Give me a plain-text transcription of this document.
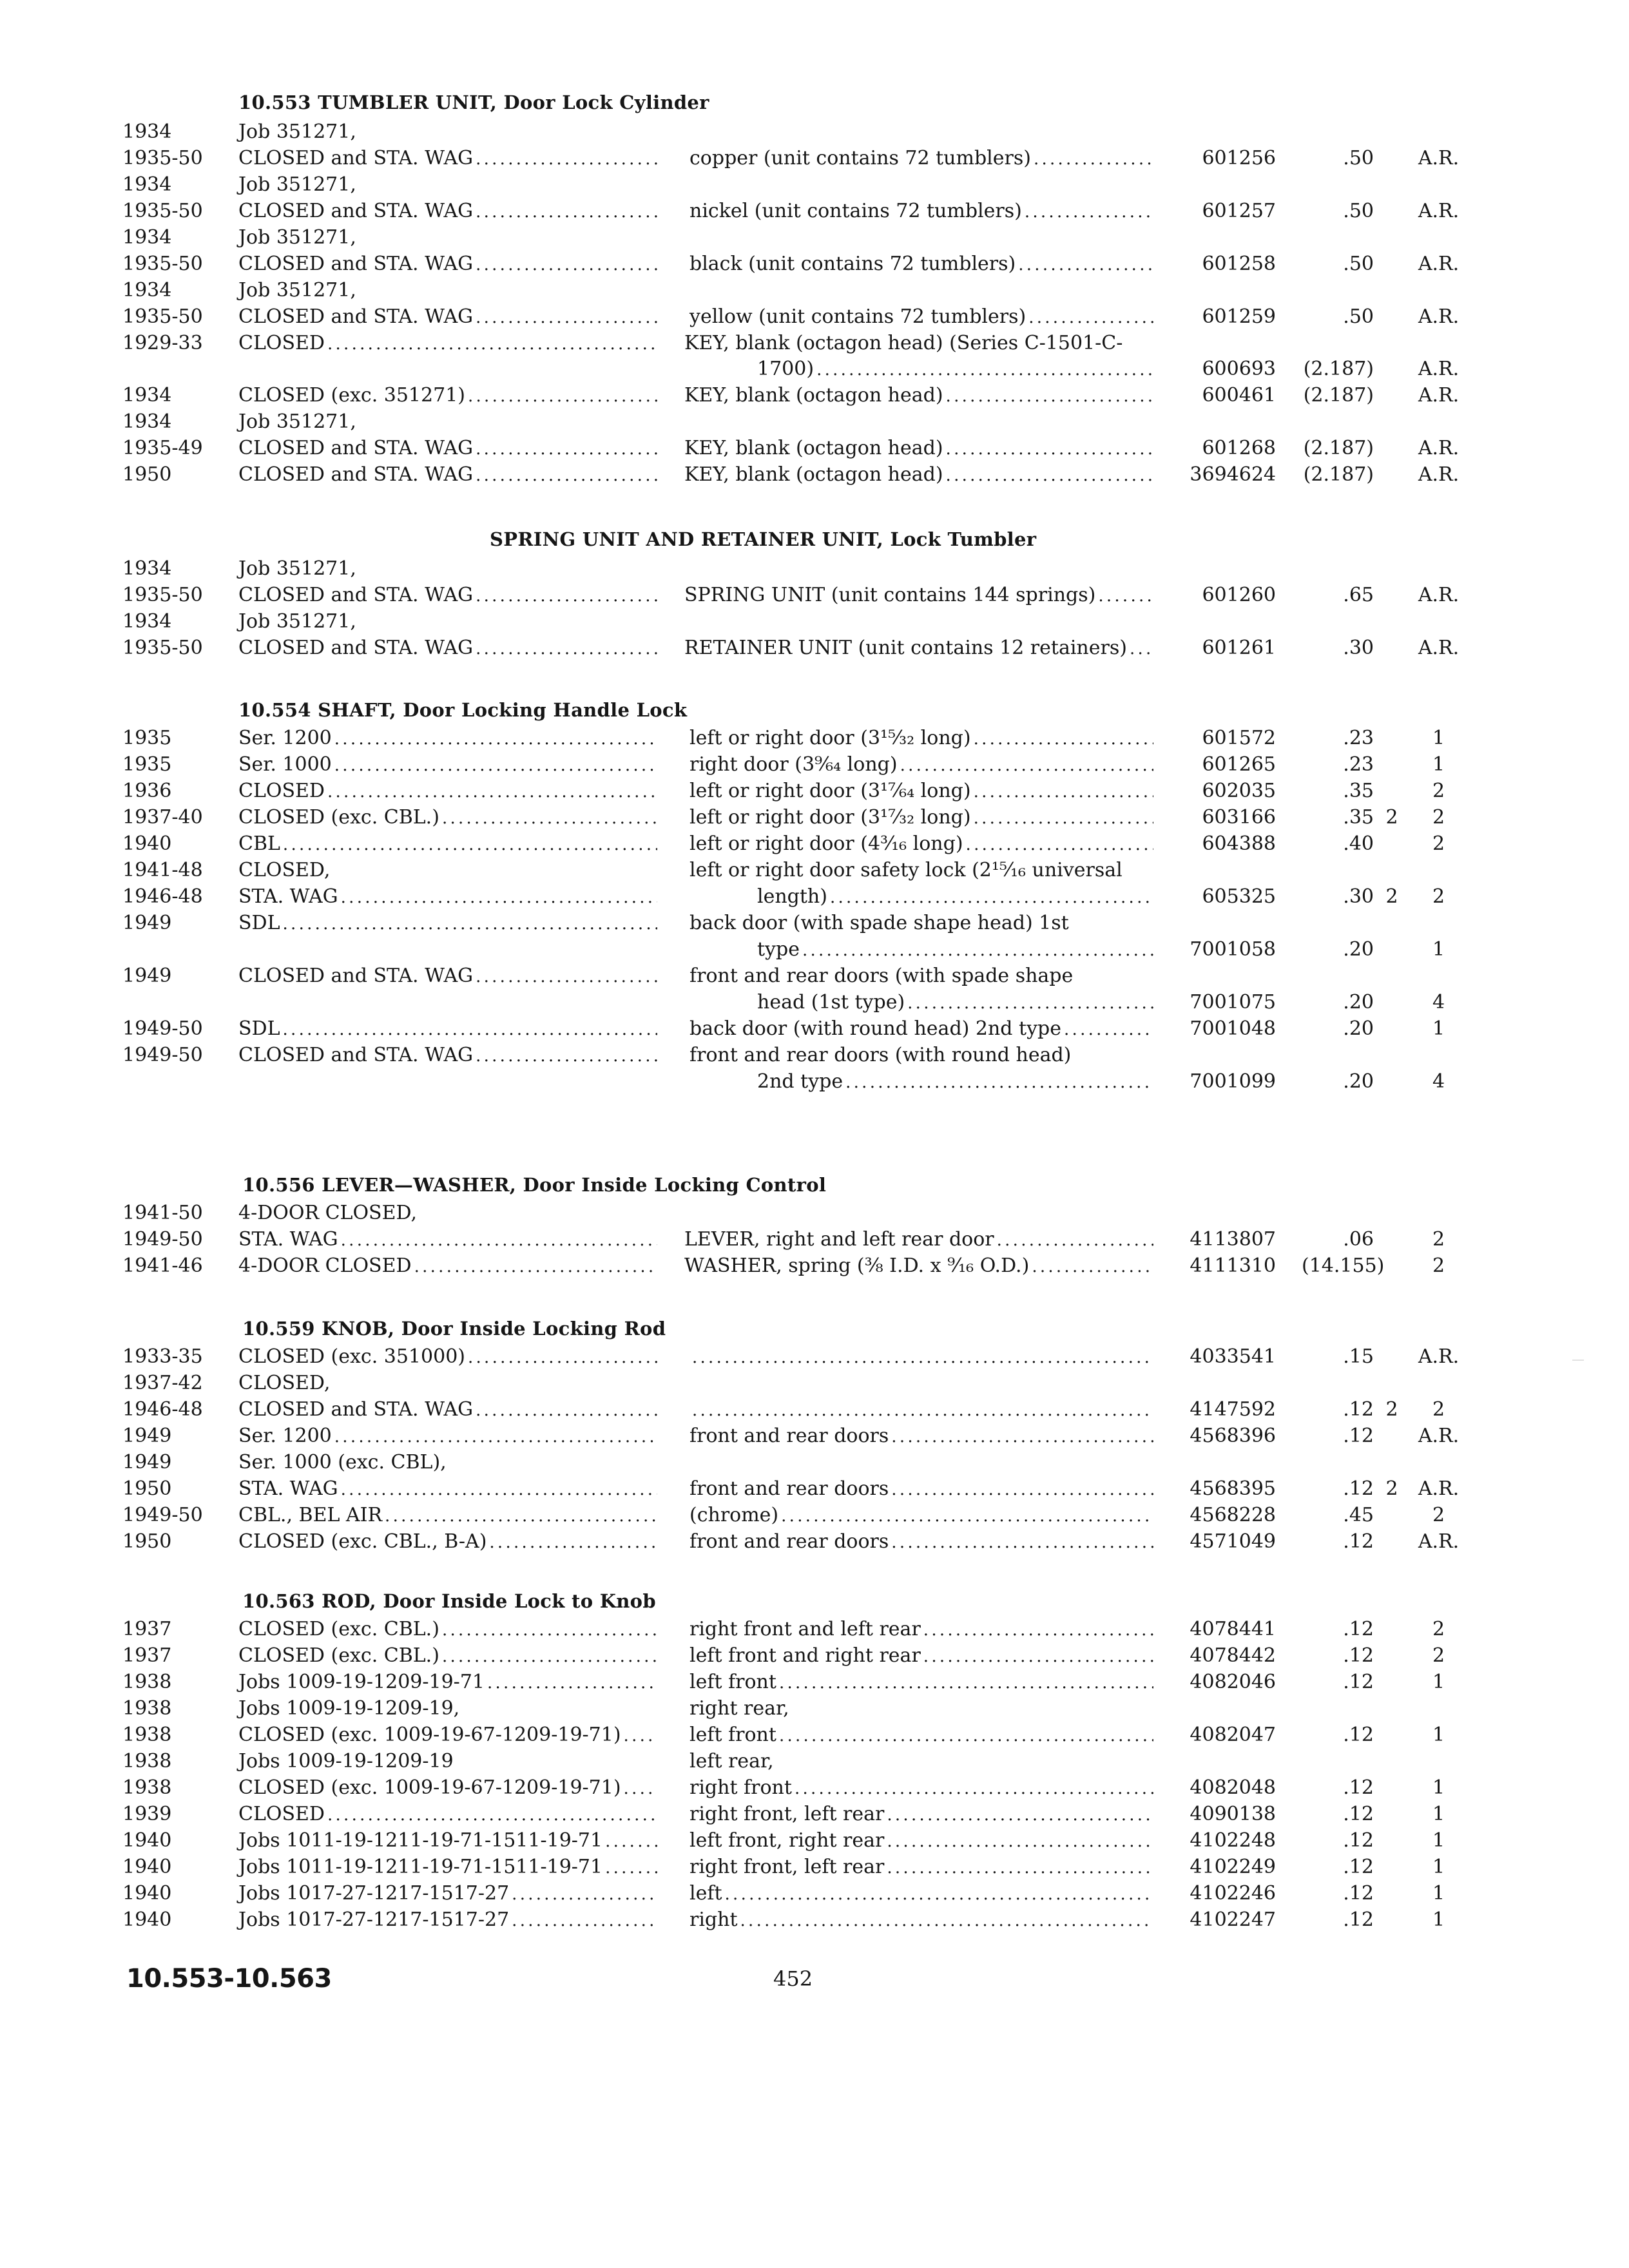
10.553 TUMBLER UNIT, Door Lock Cylinder
1934	Job 351271,
1935-50 CLOSED and STA. WAG . . .	copper (unit contains 72 tumblers) . . .	601256	.50	A.R.
1934	Job 351271,
1935-50 CLOSED and STA. WAG . . .	nickel (unit contains 72 tumblers) . . .	601257	.50	A.R.
1934	Job 351271,
1935-50 CLOSED and STA. WAG . . .	black (unit contains 72 tumblers) . . .	601258	.50	A.R.
1934	Job 351271,
1935-50 CLOSED and STA. WAG . . .	yellow (unit contains 72 tumblers) . . .	601259	.50	A.R.
1929-33 CLOSED . . .	KEY, blank (octagon head) (Series C-1501-C-
1700) . . .	600693 (2.187)	A.R.
1934	CLOSED (exc. 351271) . . .	KEY, blank (octagon head) . . .	600461 (2.187)	A.R.
1934	Job 351271,
1935-49 CLOSED and STA. WAG . . .	KEY, blank (octagon head) . . .	601268 (2.187)	A.R.
1950	CLOSED and STA. WAG . . .	KEY, blank (octagon head) . . .	3694624 (2.187)	A.R.
SPRING UNIT AND RETAINER UNIT, Lock Tumbler
1934	Job 351271,
1935-50 CLOSED and STA. WAG . . .	SPRING UNIT (unit contains 144 springs) . . .	601260	.65	A.R.
1934	Job 351271,
1935-50 CLOSED and STA. WAG . . .	RETAINER UNIT (unit contains 12 retainers) . . .	601261	.30	A.R.
10.554 SHAFT, Door Locking Handle Lock
1935	Ser. 1200 . . .	left or right door (3¹⁵⁄₃₂ long) . . .	601572	.23	1
1935	Ser. 1000 . . .	right door (3⁹⁄₆₄ long) . . .	601265	.23	1
1936	CLOSED . . .	left or right door (3¹⁷⁄₆₄ long) . . .	602035	.35	2
1937-40 CLOSED (exc. CBL.) . . .	left or right door (3¹⁷⁄₃₂ long) . . .	603166	.35 2	2
1940	CBL . . .	left or right door (4³⁄₁₆ long) . . .	604388	.40	2
1941-48 CLOSED,	left or right door safety lock (2¹⁵⁄₁₆ universal
1946-48 STA. WAG . . .	length) . . .	605325	.30 2	2
1949	SDL . . .	back door (with spade shape head) 1st
type . . .	7001058	.20	1
1949	CLOSED and STA. WAG . . .	front and rear doors (with spade shape
head (1st type) . . .	7001075	.20	4
1949-50 SDL . . .	back door (with round head) 2nd type . . .	7001048	.20	1
1949-50 CLOSED and STA. WAG . . .	front and rear doors (with round head)
2nd type . . .	7001099	.20	4
10.556 LEVER—WASHER, Door Inside Locking Control
1941-50 4-DOOR CLOSED,
1949-50 STA. WAG . . .	LEVER, right and left rear door . . .	4113807	.06	2
1941-46 4-DOOR CLOSED . . .	WASHER, spring (³⁄₈ I.D. x ⁹⁄₁₆ O.D.) . . .	4111310 (14.155)	2
10.559 KNOB, Door Inside Locking Rod
1933-35 CLOSED (exc. 351000) . . . . . .	4033541	.15	A.R.
1937-42 CLOSED,
1946-48 CLOSED and STA. WAG . . . . . .	4147592	.12 2	2
1949	Ser. 1200 . . .	front and rear doors . . .	4568396	.12	A.R.
1949	Ser. 1000 (exc. CBL),
1950	STA. WAG . . .	front and rear doors . . .	4568395	.12 2	A.R.
1949-50 CBL., BEL AIR . . .	(chrome) . . .	4568228	.45	2
1950	CLOSED (exc. CBL., B-A) . . .	front and rear doors . . .	4571049	.12	A.R.
10.563 ROD, Door Inside Lock to Knob
1937	CLOSED (exc. CBL.) . . .	right front and left rear . . .	4078441	.12	2
1937	CLOSED (exc. CBL.) . . .	left front and right rear . . .	4078442	.12	2
1938	Jobs 1009-19-1209-19-71 . . .	left front . . .	4082046	.12	1
1938	Jobs 1009-19-1209-19,	right rear,
1938	CLOSED (exc. 1009-19-67-1209-19-71) . . .	left front . . .	4082047	.12	1
1938	Jobs 1009-19-1209-19	left rear,
1938	CLOSED (exc. 1009-19-67-1209-19-71) . . .	right front . . .	4082048	.12	1
1939	CLOSED . . .	right front, left rear . . .	4090138	.12	1
1940	Jobs 1011-19-1211-19-71-1511-19-71 . . .	left front, right rear . . .	4102248	.12	1
1940	Jobs 1011-19-1211-19-71-1511-19-71 . . .	right front, left rear . . .	4102249	.12	1
1940	Jobs 1017-27-1217-1517-27 . . .	left . . .	4102246	.12	1
1940	Jobs 1017-27-1217-1517-27 . . .	right . . .	4102247	.12	1
10.553-10.563	452
